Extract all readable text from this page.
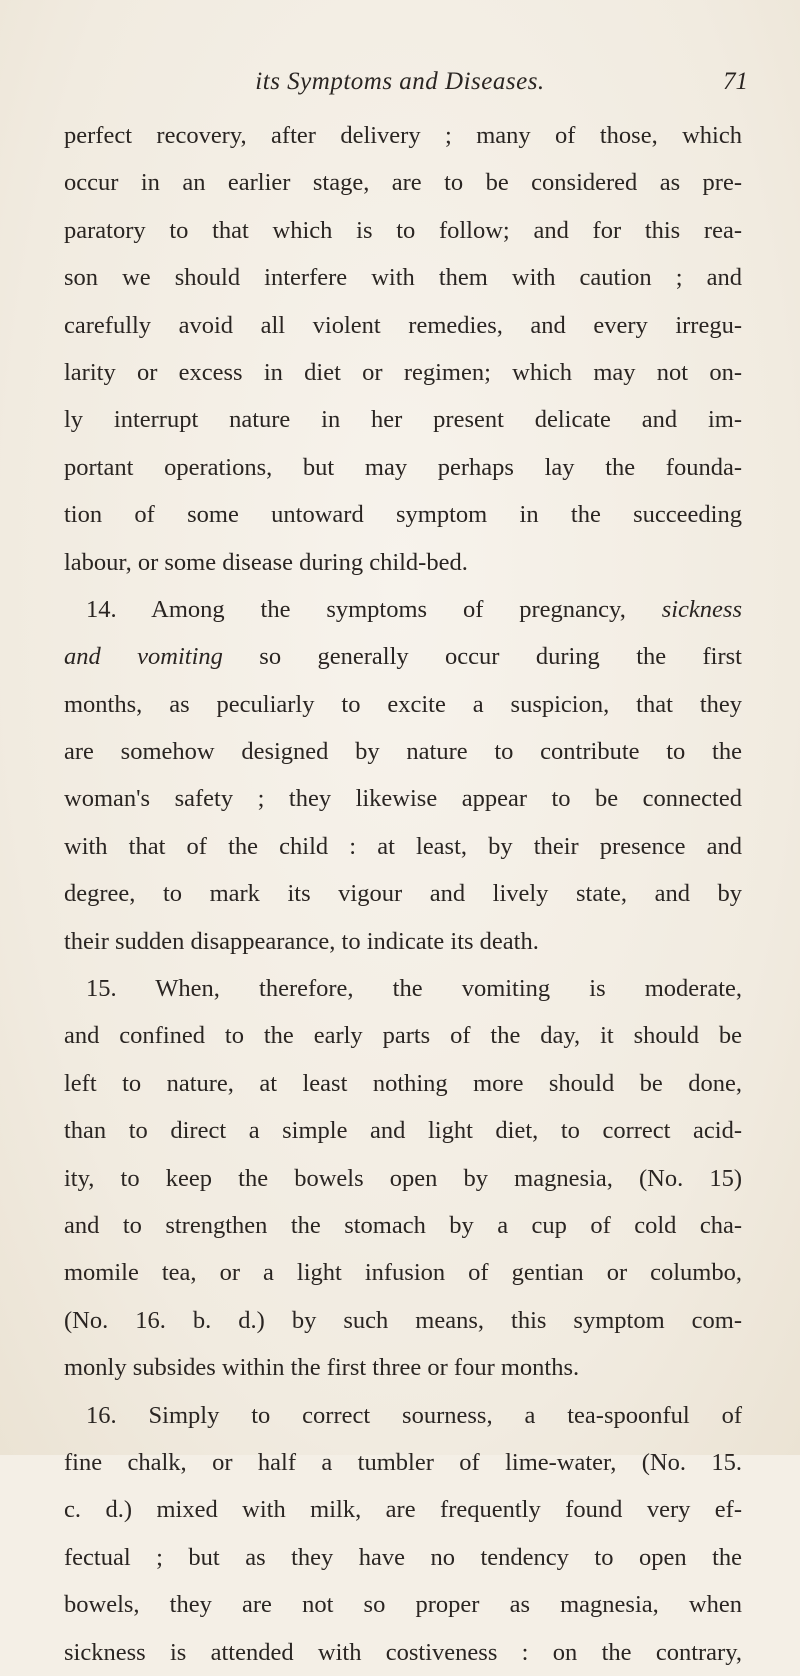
its Symptoms and Diseases.	71
perfect recovery, after delivery ; many of those, which
occur in an earlier stage, are to be considered as pre-
paratory to that which is to follow; and for this rea-
son we should interfere with them with caution ; and
carefully avoid all violent remedies, and every irregu-
larity or excess in diet or regimen; which may not on-
ly interrupt nature in her present delicate and im-
portant operations, but may perhaps lay the founda-
tion of some untoward symptom in the succeeding
labour, or some disease during child-bed.
14. Among the symptoms of pregnancy, sickness
and vomiting so generally occur during the first
months, as peculiarly to excite a suspicion, that they
are somehow designed by nature to contribute to the
woman's safety ; they likewise appear to be connected
with that of the child : at least, by their presence and
degree, to mark its vigour and lively state, and by
their sudden disappearance, to indicate its death.
15. When, therefore, the vomiting is moderate,
and confined to the early parts of the day, it should be
left to nature, at least nothing more should be done,
than to direct a simple and light diet, to correct acid-
ity, to keep the bowels open by magnesia, (No. 15)
and to strengthen the stomach by a cup of cold cha-
momile tea, or a light infusion of gentian or columbo,
(No. 16. b. d.) by such means, this symptom com-
monly subsides within the first three or four months.
16. Simply to correct sourness, a tea-spoonful of
fine chalk, or half a tumbler of lime-water, (No. 15.
c. d.) mixed with milk, are frequently found very ef-
fectual ; but as they have no tendency to open the
bowels, they are not so proper as magnesia, when
sickness is attended with costiveness : on the contrary,
